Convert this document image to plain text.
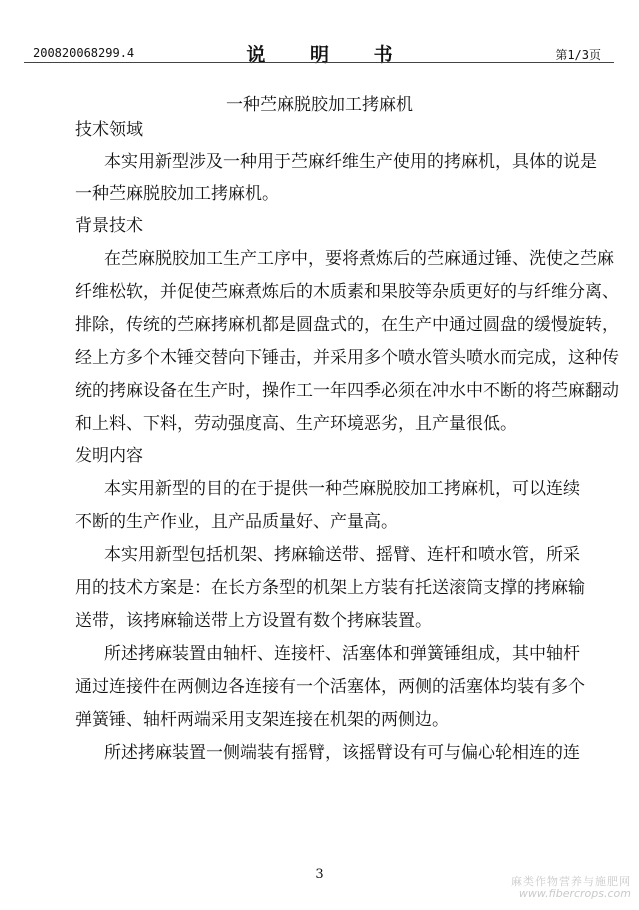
200820068299.4	说 明 书	第1/3页
一种苎麻脱胶加工拷麻机
技术领域
本实用新型涉及一种用于苎麻纤维生产使用的拷麻机，具体的说是
一种苎麻脱胶加工拷麻机。
背景技术
在苎麻脱胶加工生产工序中，要将煮炼后的苎麻通过锤、洗使之苎麻
纤维松软，并促使苎麻煮炼后的木质素和果胶等杂质更好的与纤维分离、
排除，传统的苎麻拷麻机都是圆盘式的，在生产中通过圆盘的缓慢旋转，
经上方多个木锤交替向下锤击，并采用多个喷水管头喷水而完成，这种传
统的拷麻设备在生产时，操作工一年四季必须在冲水中不断的将苎麻翻动
和上料、下料，劳动强度高、生产环境恶劣，且产量很低。
发明内容
本实用新型的目的在于提供一种苎麻脱胶加工拷麻机，可以连续
不断的生产作业，且产品质量好、产量高。
本实用新型包括机架、拷麻输送带、摇臂、连杆和喷水管，所采
用的技术方案是：在长方条型的机架上方装有托送滚筒支撑的拷麻输
送带，该拷麻输送带上方设置有数个拷麻装置。
所述拷麻装置由轴杆、连接杆、活塞体和弹簧锤组成，其中轴杆
通过连接件在两侧边各连接有一个活塞体，两侧的活塞体均装有多个
弹簧锤、轴杆两端采用支架连接在机架的两侧边。
所述拷麻装置一侧端装有摇臂，该摇臂设有可与偏心轮相连的连
3	麻类作物营养与施肥网
www.fibercrops.com
